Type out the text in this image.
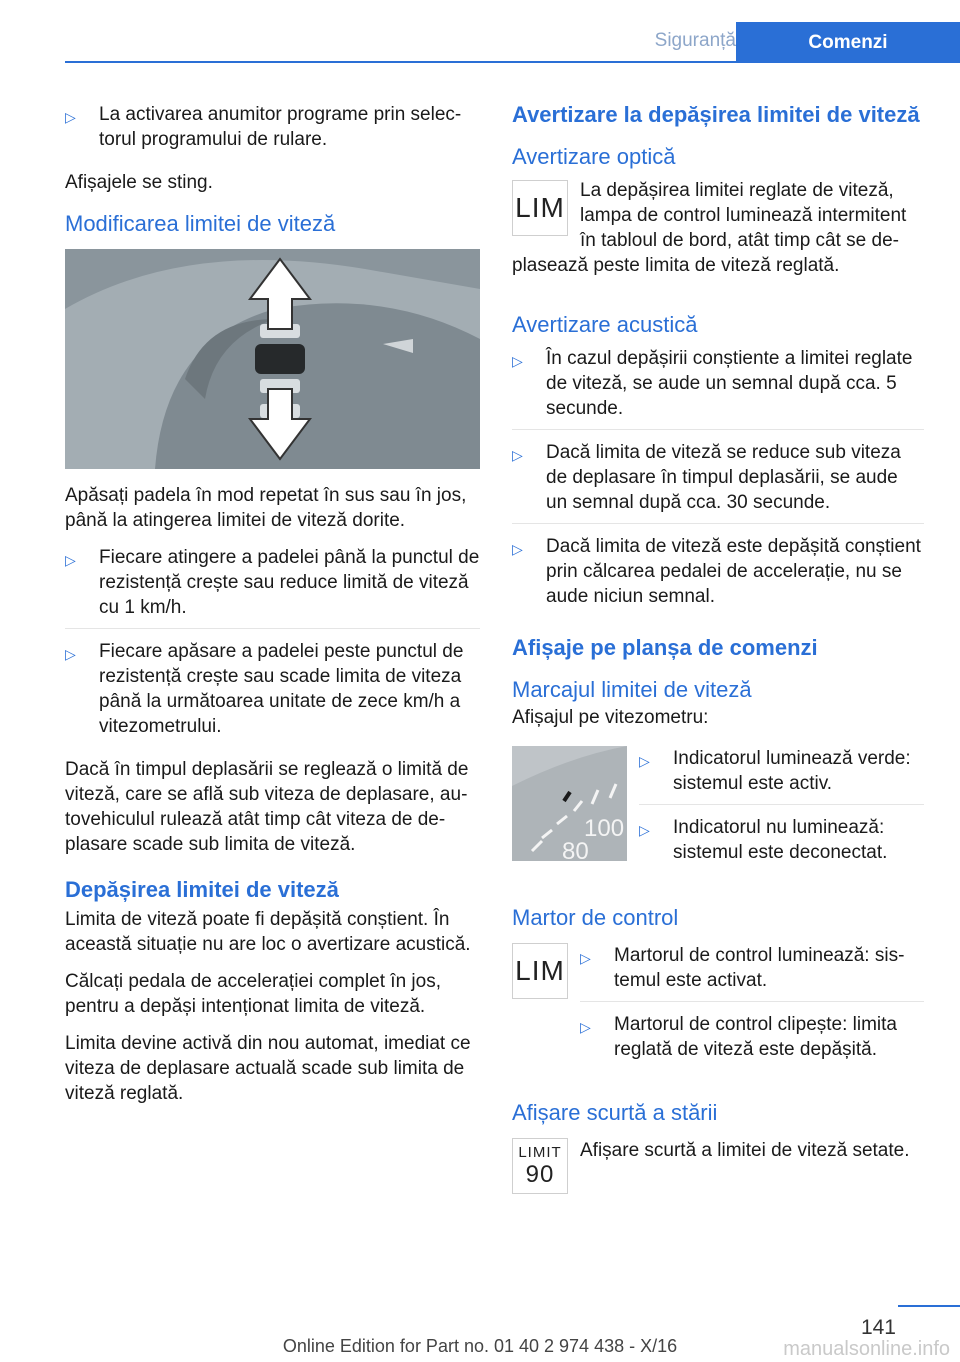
Siguranță	Comenzi
▷	La activarea anumitor programe prin selectorul programului de rulare.

Afișajele se sting.

Modificarea limitei de viteză

Apăsați padela în mod repetat în sus sau în jos, până la atingerea limitei de viteză dorite.

▷	Fiecare atingere a padelei până la punctul de rezistență crește sau reduce limită de viteză cu 1 km/h.
▷	Fiecare apăsare a padelei peste punctul de rezistență crește sau scade limita de viteza până la următoarea unitate de zece km/h a vitezometrului.

Dacă în timpul deplasării se reglează o limită de viteză, care se află sub viteza de deplasare, autovehiculul rulează atât timp cât viteza de deplasare scade sub limita de viteză.

Depășirea limitei de viteză

Limita de viteză poate fi depășită conștient. În această situație nu are loc o avertizare acustică.

Călcați pedala de accelerației complet în jos, pentru a depăși intenționat limita de viteză.

Limita devine activă din nou automat, imediat ce viteza de deplasare actuală scade sub limita de viteză reglată.

Avertizare la depășirea limitei de viteză
Avertizare optică
LIM

La depășirea limitei reglate de viteză, lampa de control luminează intermitent în tabloul de bord, atât timp cât se deplasează peste limita de viteză reglată.

Avertizare acustică
▷	În cazul depășirii conștiente a limitei reglate de viteză, se aude un semnal după cca. 5 secunde.
▷	Dacă limita de viteză se reduce sub viteza de deplasare în timpul deplasării, se aude un semnal după cca. 30 secunde.
▷	Dacă limita de viteză este depășită conștient prin călcarea pedalei de accelerație, nu se aude niciun semnal.
Afișaje pe planșa de comenzi
Marcajul limitei de viteză

Afișajul pe vitezometru:

100
80
▷	Indicatorul luminează verde: sistemul este activ.
▷	Indicatorul nu luminează: sistemul este deconectat.
Martor de control
LIM ▷	Martorul de control luminează: sistemul este activat.
▷	Martorul de control clipește: limita reglată de viteză este depășită.
Afișare scurtă a stării
LIMIT
90

Afișare scurtă a limitei de viteză setate.

141
Online Edition for Part no. 01 40 2 974 438 - X/16	manualsonline.info
